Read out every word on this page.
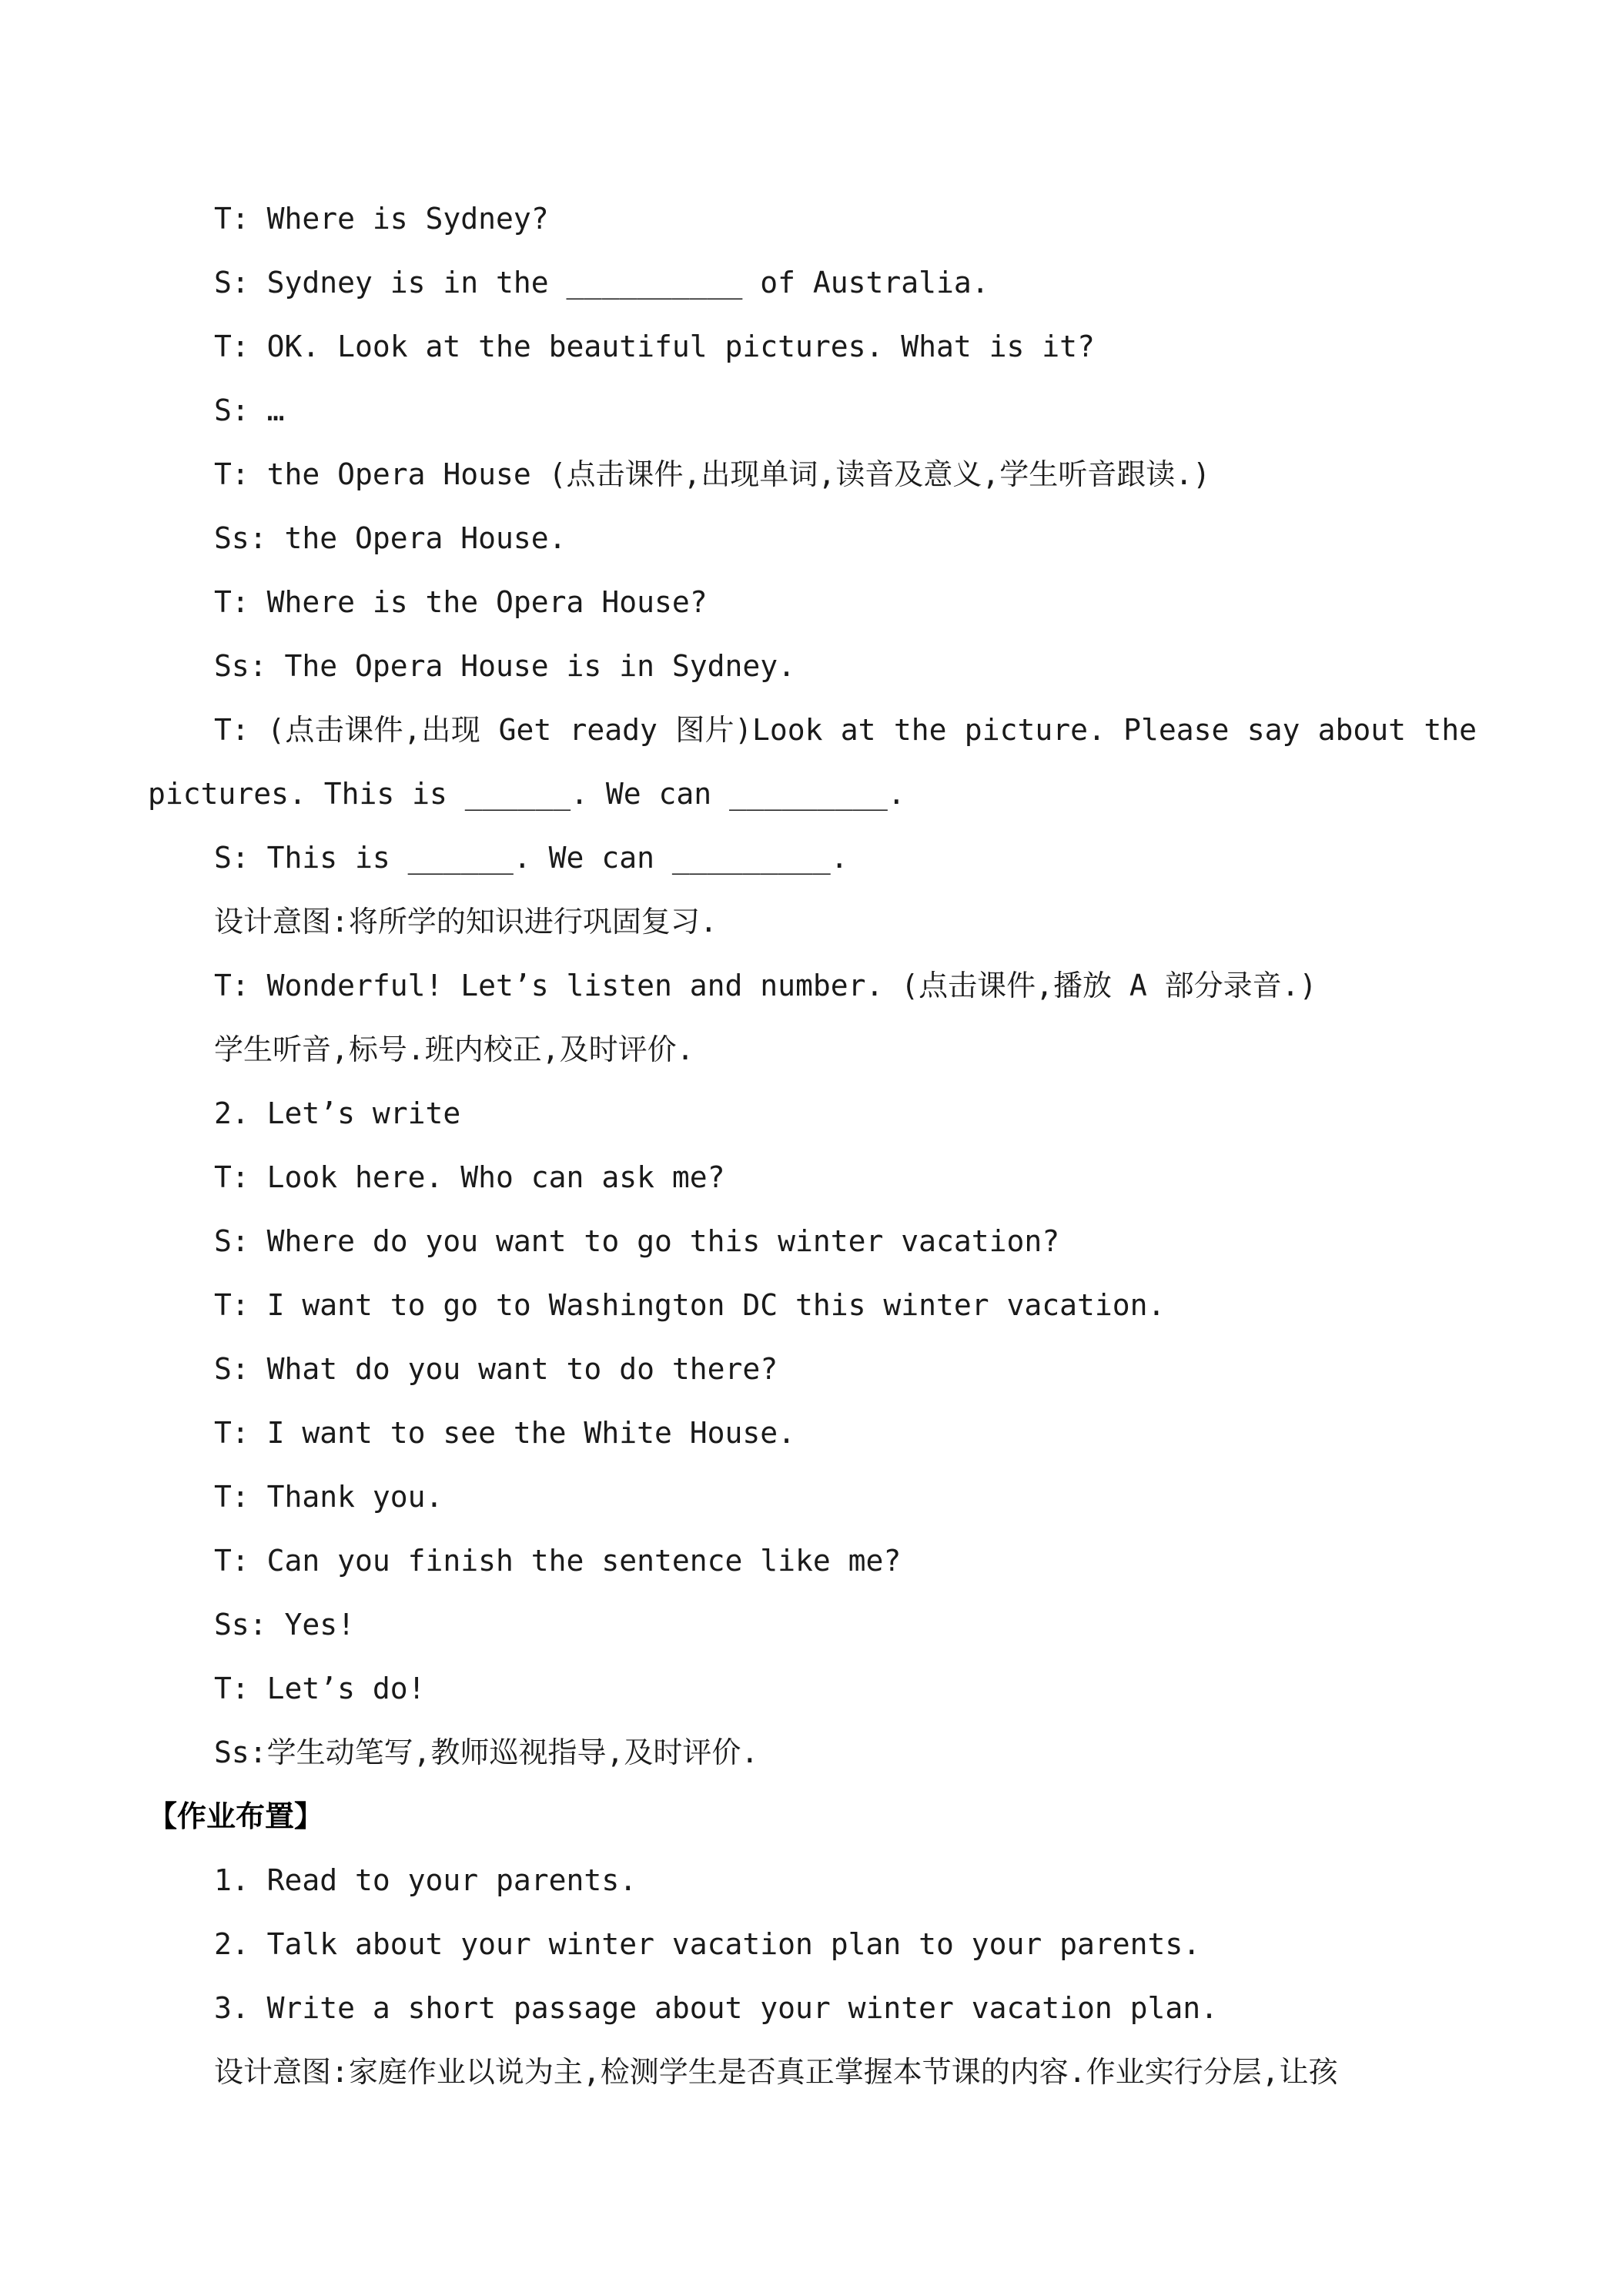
T: Where is Sydney?
S: Sydney is in the __________ of Australia.
T: OK. Look at the beautiful pictures. What is it?
S: …
T: the Opera House (点击课件,出现单词,读音及意义,学生听音跟读.)
Ss: the Opera House.
T: Where is the Opera House?
Ss: The Opera House is in Sydney.
T: (点击课件,出现 Get ready 图片)Look at the picture. Please say about the
pictures. This is ______. We can _________.
S: This is ______. We can _________.
设计意图:将所学的知识进行巩固复习.
T: Wonderful! Let’s listen and number. (点击课件,播放 A 部分录音.)
学生听音,标号.班内校正,及时评价.
2. Let’s write
T: Look here. Who can ask me?
S: Where do you want to go this winter vacation?
T: I want to go to Washington DC this winter vacation.
S: What do you want to do there?
T: I want to see the White House.
T: Thank you.
T: Can you finish the sentence like me?
Ss: Yes!
T: Let’s do!
Ss:学生动笔写,教师巡视指导,及时评价.
【作业布置】
1. Read to your parents.
2. Talk about your winter vacation plan to your parents.
3. Write a short passage about your winter vacation plan.
设计意图:家庭作业以说为主,检测学生是否真正掌握本节课的内容.作业实行分层,让孩
